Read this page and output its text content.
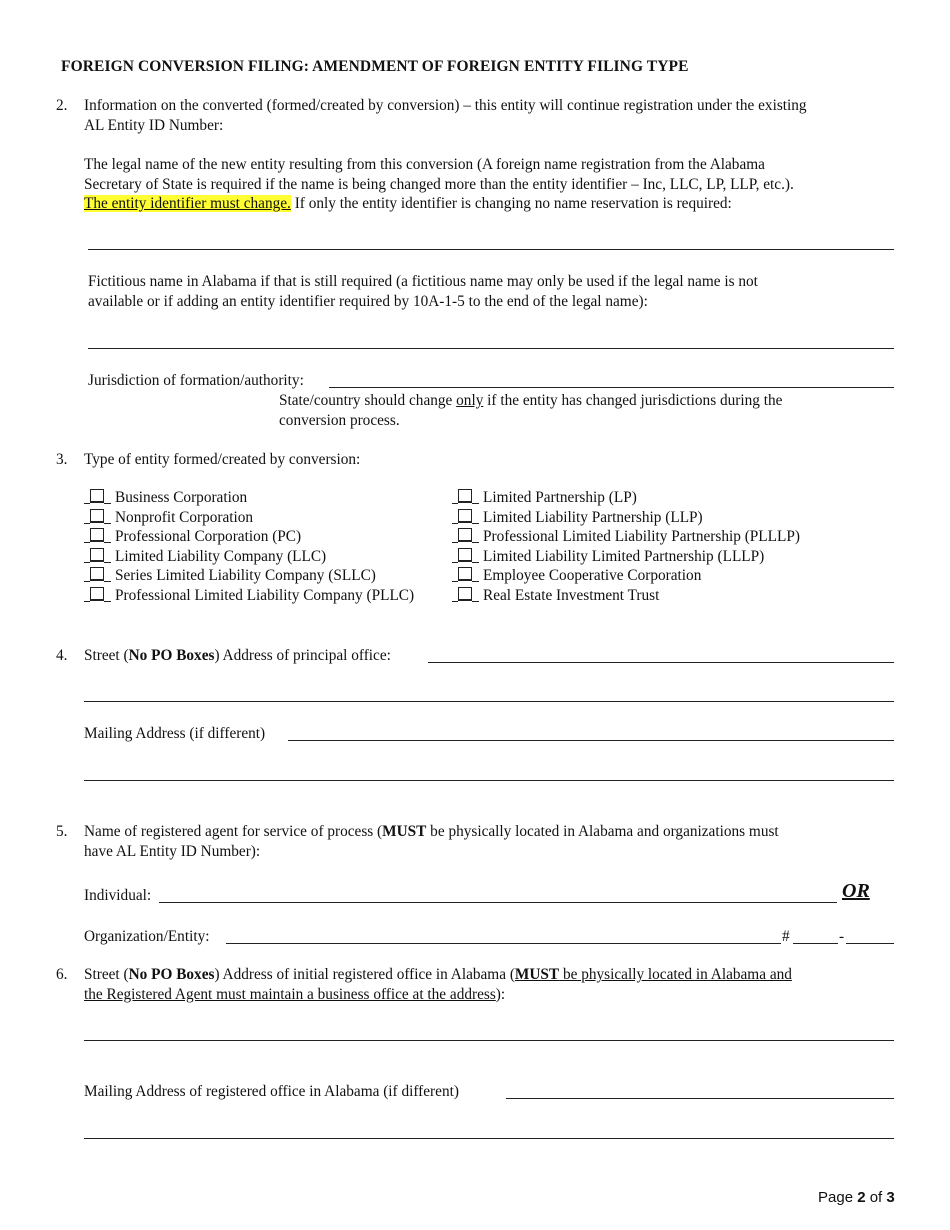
FOREIGN CONVERSION FILING: AMENDMENT OF FOREIGN ENTITY FILING TYPE
2.	Information on the converted (formed/created by conversion) – this entity will continue registration under the existing
AL Entity ID Number:
The legal name of the new entity resulting from this conversion (A foreign name registration from the Alabama
Secretary of State is required if the name is being changed more than the entity identifier – Inc, LLC, LP, LLP, etc.).
The entity identifier must change. If only the entity identifier is changing no name reservation is required:
Fictitious name in Alabama if that is still required (a fictitious name may only be used if the legal name is not
available or if adding an entity identifier required by 10A-1-5 to the end of the legal name):
Jurisdiction of formation/authority:
State/country should change only if the entity has changed jurisdictions during the
conversion process.
3.	Type of entity formed/created by conversion:
Business Corporation
Nonprofit Corporation
Professional Corporation (PC)
Limited Liability Company (LLC)
Series Limited Liability Company (SLLC)
Professional Limited Liability Company (PLLC)
Limited Partnership (LP)
Limited Liability Partnership (LLP)
Professional Limited Liability Partnership (PLLLP)
Limited Liability Limited Partnership (LLLP)
Employee Cooperative Corporation
Real Estate Investment Trust
4.	Street (No PO Boxes) Address of principal office:
Mailing Address (if different)
5.	Name of registered agent for service of process (MUST be physically located in Alabama and organizations must
have AL Entity ID Number):
Individual:	OR
Organization/Entity:	#	-
6.	Street (No PO Boxes) Address of initial registered office in Alabama (MUST be physically located in Alabama and
the Registered Agent must maintain a business office at the address):
Mailing Address of registered office in Alabama (if different)
Page 2 of 3
